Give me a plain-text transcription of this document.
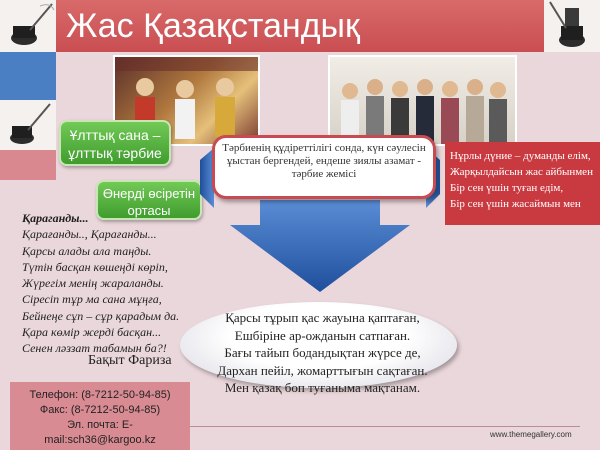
Жас Қазақстандық
Ұлттық сана – ұлттық тәрбие
Өнерді өсіретін ортасы
Тәрбиенің құдіреттілігі сонда, күн сәулесін ұыстан бергендей, ендеше зиялы азамат - тәрбие жемісі
Нұрлы дүние – думанды елім,
Жарқылдайсын жас айбынмен
Бір сен үшін туған едім,
Бір сен үшін жасаймын мен
Қараганды...
Қарағанды.., Қарағанды...
Қарсы алады ала таңды.
Түтін басқан көшеңді көріп,
Жүрегім менің жараланды.
Сіресіп тұр ма сана мұңға,
Бейнеңе сұп – сұр қарадым да.
Қара көмір жерді басқан...
Сенен ләззат табамын ба?!
Бақыт Фариза
Қарсы тұрып қас жауына қаптаған,
Ешбіріне ар-ожданын сатпаған.
Бағы тайып бодандықтан жүрсе де,
Дархан пейіл, жомарттығын сақтаған.
Мен қазақ боп туғаныма мақтанам.
Телефон: (8-7212-50-94-85)
Факс: (8-7212-50-94-85)
Эл. почта: E-
mail:sch36@kargoo.kz	www.themegallery.com
